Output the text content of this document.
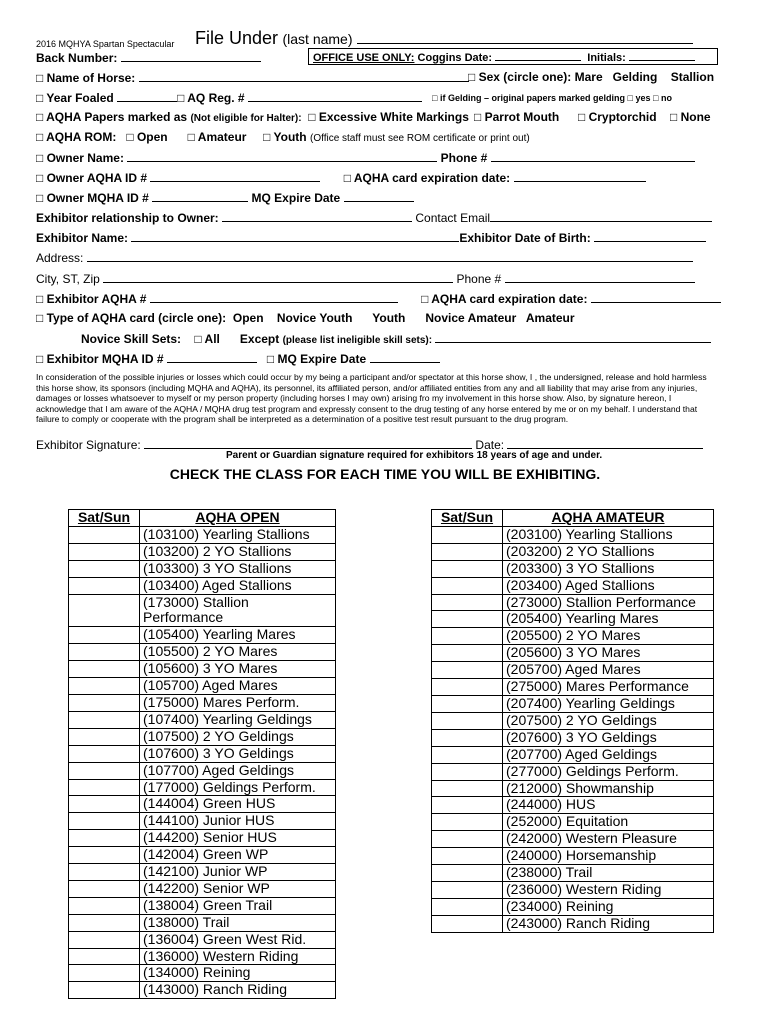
2016 MQHYA Spartan Spectacular File Under (last name)
Back Number:	OFFICE USE ONLY: Coggins Date:	Initials:
□ Name of Horse:	□ Sex (circle one): Mare Gelding Stallion
□ Year Foaled	□ AQ Reg. #	□ if Gelding – original papers marked gelding □ yes □ no
□ AQHA Papers marked as (Not eligible for Halter): □ Excessive White Markings □ Parrot Mouth □ Cryptorchid □ None
□ AQHA ROM: □ Open □ Amateur □ Youth (Office staff must see ROM certificate or print out)
□ Owner Name:	Phone #
□ Owner AQHA ID #	□ AQHA card expiration date:
□ Owner MQHA ID #	MQ Expire Date
Exhibitor relationship to Owner:	Contact Email
Exhibitor Name:	Exhibitor Date of Birth:
Address:
City, ST, Zip	Phone #
□ Exhibitor AQHA #	□ AQHA card expiration date:
□ Type of AQHA card (circle one): Open Novice Youth Youth Novice Amateur Amateur
Novice Skill Sets: □ All Except (please list ineligible skill sets):
□ Exhibitor MQHA ID #	□ MQ Expire Date
In consideration of the possible injuries or losses which could occur by my being a participant and/or spectator at this horse show, I , the undersigned, release and hold harmless this horse show, its sponsors (including MQHA and AQHA), its personnel, its affiliated person, and/or affiliated entities from any and all liability that may arise from any injuries, damages or losses whatsoever to myself or my person property (including horses I may own) arising fro my involvement in this horse show. Also, by signature hereon, I acknowledge that I am aware of the AQHA / MQHA drug test program and expressly consent to the drug testing of any horse entered by me or on my behalf. I understand that failure to comply or cooperate with the program shall be interpreted as a determination of a positive test result pursuant to the drug program.
Exhibitor Signature:	Date:
Parent or Guardian signature required for exhibitors 18 years of age and under.
CHECK THE CLASS FOR EACH TIME YOU WILL BE EXHIBITING.
Sat/Sun	AQHA OPEN
	(103100) Yearling Stallions
	(103200) 2 YO Stallions
	(103300) 3 YO Stallions
	(103400) Aged Stallions
	(173000) Stallion Performance
	(105400) Yearling Mares
	(105500) 2 YO Mares
	(105600) 3 YO Mares
	(105700) Aged Mares
	(175000) Mares Perform.
	(107400) Yearling Geldings
	(107500) 2 YO Geldings
	(107600) 3 YO Geldings
	(107700) Aged Geldings
	(177000) Geldings Perform.
	(144004) Green HUS
	(144100) Junior HUS
	(144200) Senior HUS
	(142004) Green WP
	(142100) Junior WP
	(142200) Senior WP
	(138004) Green Trail
	(138000) Trail
	(136004) Green West Rid.
	(136000) Western Riding
	(134000) Reining
	(143000) Ranch Riding
Sat/Sun	AQHA AMATEUR
	(203100) Yearling Stallions
	(203200) 2 YO Stallions
	(203300) 3 YO Stallions
	(203400) Aged Stallions
	(273000) Stallion Performance
	(205400) Yearling Mares
	(205500) 2 YO Mares
	(205600) 3 YO Mares
	(205700) Aged Mares
	(275000) Mares Performance
	(207400) Yearling Geldings
	(207500) 2 YO Geldings
	(207600) 3 YO Geldings
	(207700) Aged Geldings
	(277000) Geldings Perform.
	(212000) Showmanship
	(244000) HUS
	(252000) Equitation
	(242000) Western Pleasure
	(240000) Horsemanship
	(238000) Trail
	(236000) Western Riding
	(234000) Reining
	(243000) Ranch Riding
